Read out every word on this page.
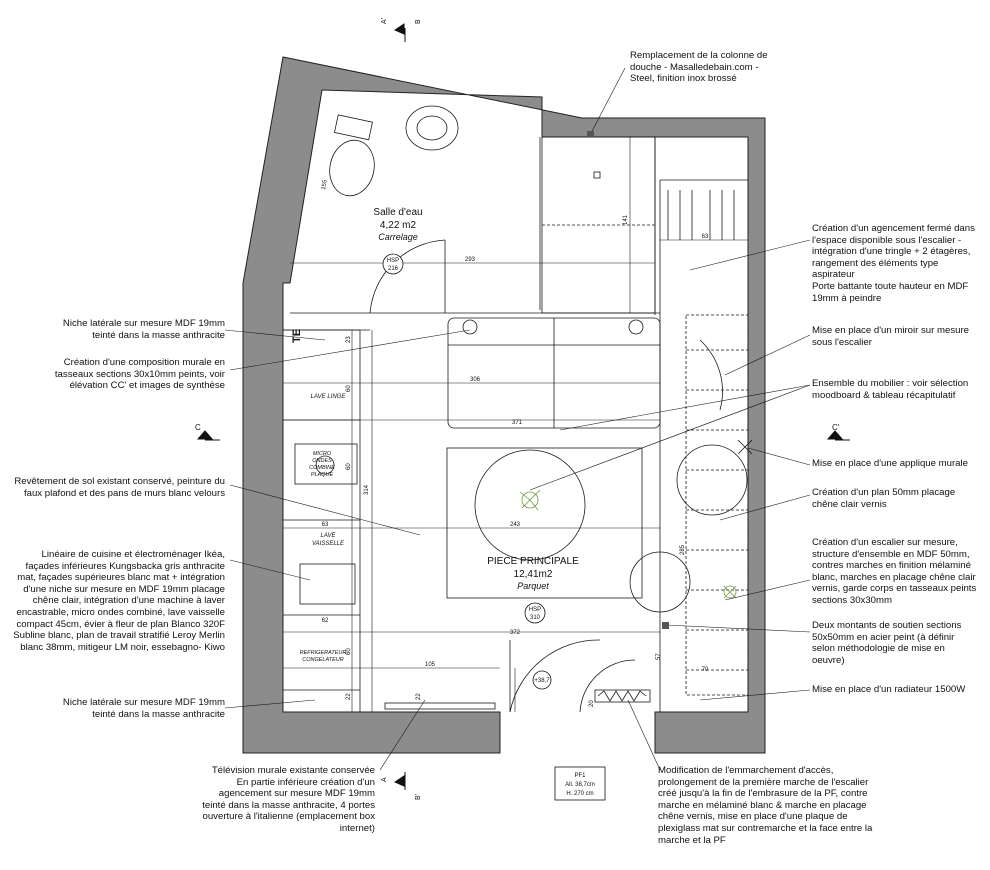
Salle d'eau
4,22 m2
Carrelage
HSP
216
PIECE PRINCIPALE
12,41m2
Parquet
HSP
310
TE
LAVE LINGE
MICRO
ONDES
COMBINE
PLAQUE
LAVE
VAISSELLE
REFRIGERATEUR
CONGELATEUR
155
293
141
63
306
371
63	243
372
105
314
60
60
60
62
23
22	22
20
70
57
285
+38,7
A'	B
C	C'
A
B'
PF1
All. 38,7cm
H. 270 cm
Remplacement de la colonne de douche - Masalledebain.com - Steel, finition inox brossé
Création d'un agencement fermé dans l'espace disponible sous l'escalier - intégration d'une tringle + 2 étagères, rangement des éléments type aspirateur
Porte battante toute hauteur en MDF 19mm à peindre
Mise en place d'un miroir sur mesure sous l'escalier
Ensemble du mobilier : voir sélection moodboard & tableau récapitulatif
Mise en place d'une applique murale
Création d'un plan 50mm placage chêne clair vernis
Création d'un escalier sur mesure, structure d'ensemble en MDF 50mm, contres marches en finition mélaminé blanc, marches en placage chêne clair vernis, garde corps en tasseaux peints sections 30x30mm
Deux montants de soutien sections 50x50mm en acier peint (à définir selon méthodologie de mise en oeuvre)
Mise en place d'un radiateur 1500W
Niche latérale sur mesure MDF 19mm teinté dans la masse anthracite
Création d'une composition murale en tasseaux sections 30x10mm peints, voir élévation CC' et images de synthèse
Revêtement de sol existant conservé, peinture du faux plafond et des pans de murs blanc velours
Linéaire de cuisine et électroménager Ikéa, façades inférieures Kungsbacka gris anthracite mat, façades supérieures blanc mat + intégration d'une niche sur mesure en MDF 19mm placage chêne clair, intégration d'une machine à laver encastrable, micro ondes combiné, lave vaisselle compact 45cm, évier à fleur de plan Blanco 320F Subline blanc, plan de travail stratifié Leroy Merlin blanc 38mm, mitigeur LM noir, essebagno- Kiwo
Niche latérale sur mesure MDF 19mm teinté dans la masse anthracite
Télévision murale existante conservée
En partie inférieure création d'un agencement sur mesure MDF 19mm teinté dans la masse anthracite, 4 portes ouverture à l'italienne (emplacement box internet)
Modification de l'emmarchement d'accès, prolongement de la première marche de l'escalier créé jusqu'à la fin de l'embrasure de la PF, contre marche en mélaminé blanc & marche en placage chêne vernis, mise en place d'une plaque de plexiglass mat sur contremarche et la face entre la marche et la PF
